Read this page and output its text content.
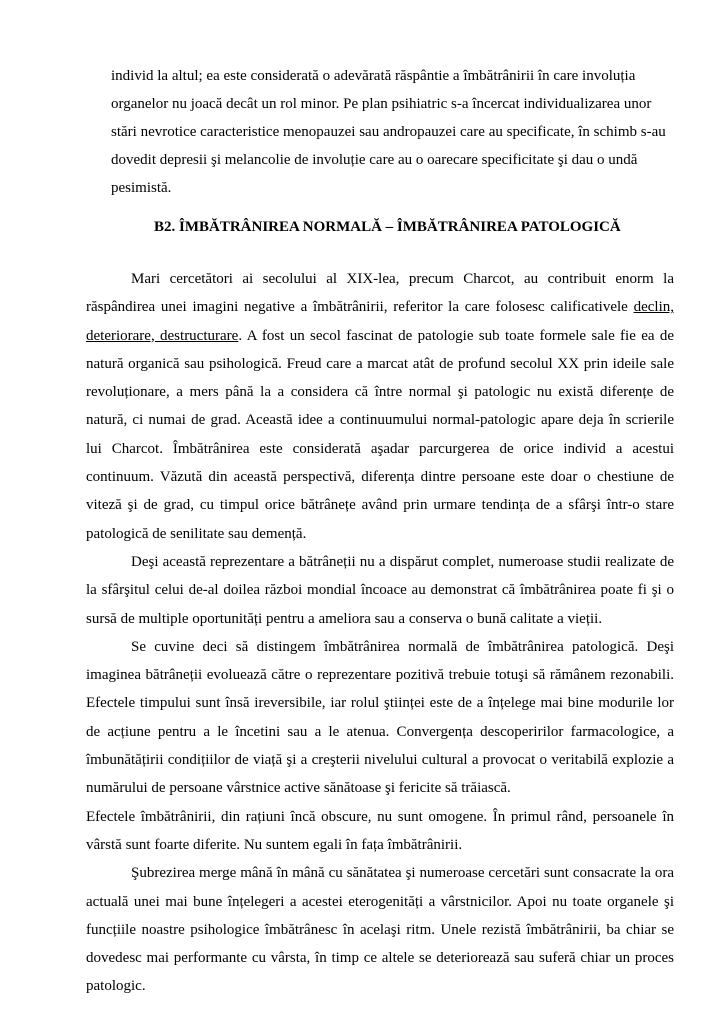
individ la altul; ea este considerată o adevărată răspântie a îmbătrânirii în care involuția
organelor nu joacă decât un rol minor. Pe plan psihiatric s-a încercat individualizarea unor
stări nevrotice caracteristice menopauzei sau andropauzei care au specificate, în schimb s-au
dovedit depresii şi melancolie de involuție care au o oarecare specificitate şi dau o undă
pesimistă.
B2. ÎMBĂTRÂNIREA NORMALĂ – ÎMBĂTRÂNIREA PATOLOGICĂ

Mari cercetători ai secolului al XIX-lea, precum Charcot, au contribuit enorm la răspândirea unei imagini negative a îmbătrânirii, referitor la care folosesc calificativele declin, deteriorare, destructurare. A fost un secol fascinat de patologie sub toate formele sale fie ea de natură organică sau psihologică. Freud care a marcat atât de profund secolul XX prin ideile sale revoluționare, a mers până la a considera că între normal şi patologic nu există diferențe de natură, ci numai de grad. Această idee a continuumului normal-patologic apare deja în scrierile lui Charcot. Îmbătrânirea este considerată aşadar parcurgerea de orice individ a acestui continuum. Văzută din această perspectivă, diferența dintre persoane este doar o chestiune de viteză şi de grad, cu timpul orice bătrânețe având prin urmare tendința de a sfârşi într-o stare patologică de senilitate sau demență.

Deşi această reprezentare a bătrâneții nu a dispărut complet, numeroase studii realizate de la sfârşitul celui de-al doilea război mondial încoace au demonstrat că îmbătrânirea poate fi şi o sursă de multiple oportunități pentru a ameliora sau a conserva o bună calitate a vieții.

Se cuvine deci să distingem îmbătrânirea normală de îmbătrânirea patologică. Deşi imaginea bătrâneții evoluează către o reprezentare pozitivă trebuie totuşi să rămânem rezonabili. Efectele timpului sunt însă ireversibile, iar rolul ştiinței este de a înțelege mai bine modurile lor de acțiune pentru a le încetini sau a le atenua. Convergența descoperirilor farmacologice, a îmbunătățirii condițiilor de viață şi a creşterii nivelului cultural a provocat o veritabilă explozie a numărului de persoane vârstnice active sănătoase şi fericite să trăiască.

Efectele îmbătrânirii, din rațiuni încă obscure, nu sunt omogene. În primul rând, persoanele în vârstă sunt foarte diferite. Nu suntem egali în fața îmbătrânirii.

Şubrezirea merge mână în mână cu sănătatea şi numeroase cercetări sunt consacrate la ora actuală unei mai bune înțelegeri a acestei eterogenități a vârstnicilor. Apoi nu toate organele şi funcțiile noastre psihologice îmbătrânesc în acelaşi ritm. Unele rezistă îmbătrânirii, ba chiar se dovedesc mai performante cu vârsta, în timp ce altele se deteriorează sau suferă chiar un proces patologic.
